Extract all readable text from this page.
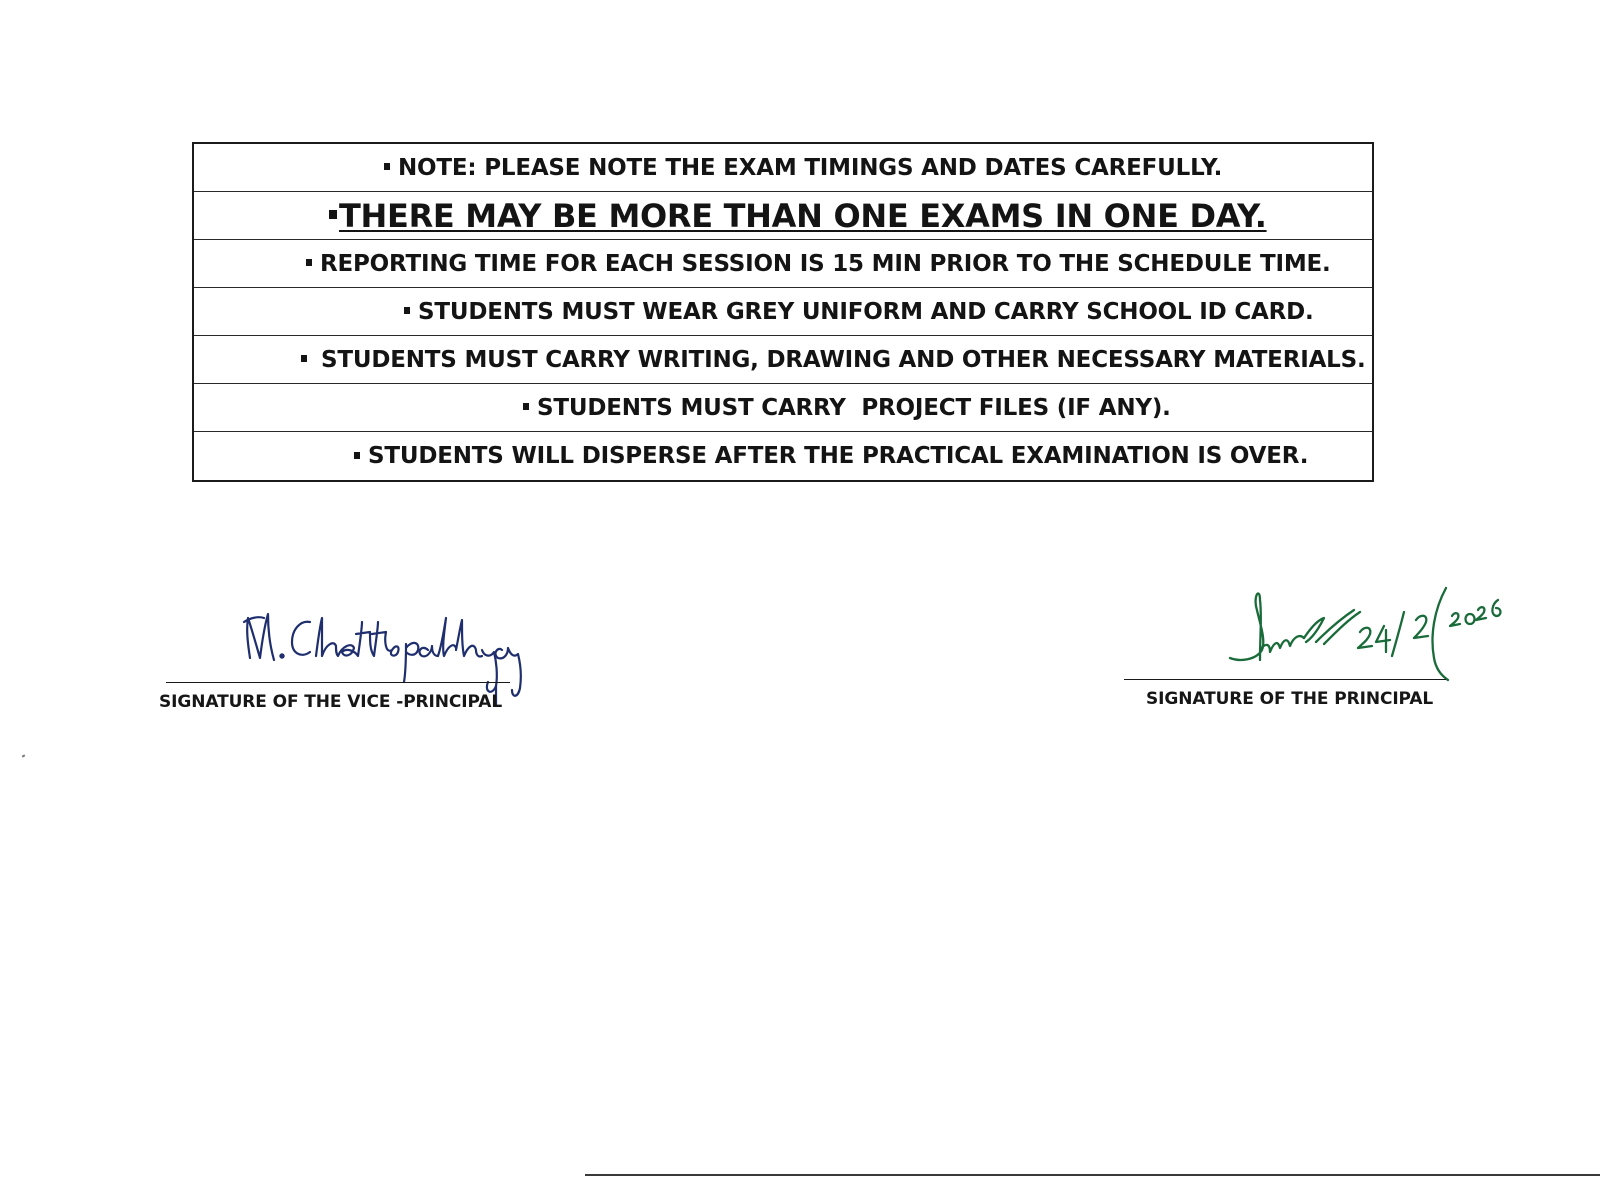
NOTE: PLEASE NOTE THE EXAM TIMINGS AND DATES CAREFULLY.
THERE MAY BE MORE THAN ONE EXAMS IN ONE DAY.
REPORTING TIME FOR EACH SESSION IS 15 MIN PRIOR TO THE SCHEDULE TIME.
STUDENTS MUST WEAR GREY UNIFORM AND CARRY SCHOOL ID CARD.
STUDENTS MUST CARRY WRITING, DRAWING AND OTHER NECESSARY MATERIALS.
STUDENTS MUST CARRY  PROJECT FILES (IF ANY).
STUDENTS WILL DISPERSE AFTER THE PRACTICAL EXAMINATION IS OVER.
SIGNATURE OF THE VICE -PRINCIPAL	SIGNATURE OF THE PRINCIPAL
